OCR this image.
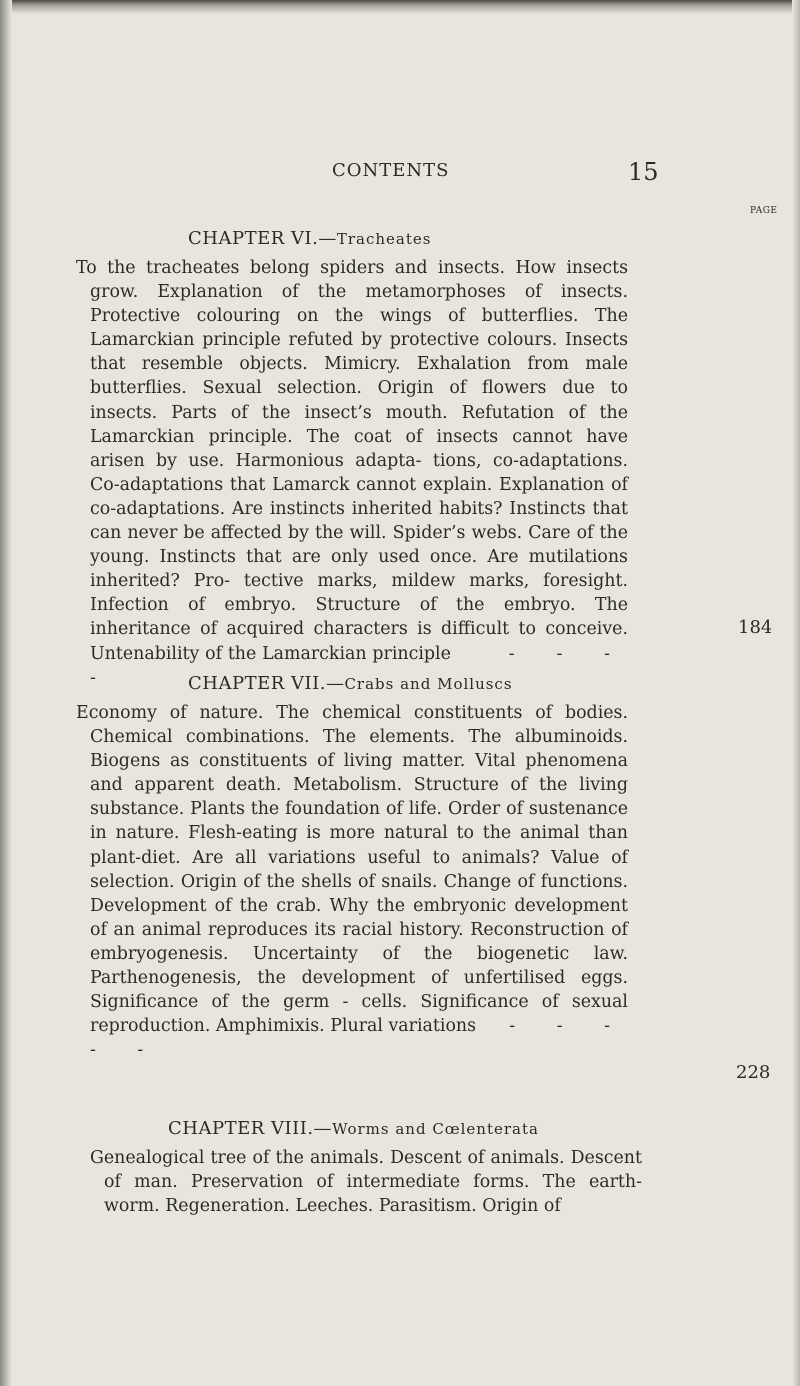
CONTENTS	15
PAGE
CHAPTER VI.—Tracheates

To the tracheates belong spiders and insects. How insects grow. Explanation of the metamorphoses of insects. Protective colouring on the wings of butterflies. The Lamarckian principle refuted by protective colours. Insects that resemble objects. Mimicry. Exhalation from male butterflies. Sexual selection. Origin of flowers due to insects. Parts of the insect’s mouth. Refutation of the Lamarckian principle. The coat of insects cannot have arisen by use. Harmonious adapta- tions, co-adaptations. Co-adaptations that Lamarck cannot explain. Explanation of co-adaptations. Are instincts inherited habits? Instincts that can never be affected by the will. Spider’s webs. Care of the young. Instincts that are only used once. Are mutilations inherited? Pro- tective marks, mildew marks, foresight. Infection of embryo. Structure of the embryo. The inheritance of acquired characters is difficult to conceive. Untenability of the Lamarckian principle	- - - -

184
CHAPTER VII.—Crabs and Molluscs

Economy of nature. The chemical constituents of bodies. Chemical combinations. The elements. The albuminoids. Biogens as constituents of living matter. Vital phenomena and apparent death. Metabolism. Structure of the living substance. Plants the foundation of life. Order of sustenance in nature. Flesh-eating is more natural to the animal than plant-diet. Are all variations useful to animals? Value of selection. Origin of the shells of snails. Change of functions. Development of the crab. Why the embryonic development of an animal reproduces its racial history. Reconstruction of embryogenesis. Uncertainty of the biogenetic law. Parthenogenesis, the development of unfertilised eggs. Significance of the germ - cells. Significance of sexual reproduction. Amphimixis. Plural variations - - - - -

228
CHAPTER VIII.—Worms and Cœlenterata

Genealogical tree of the animals. Descent of animals. Descent of man. Preservation of intermediate forms. The earth- worm. Regeneration. Leeches. Parasitism. Origin of
